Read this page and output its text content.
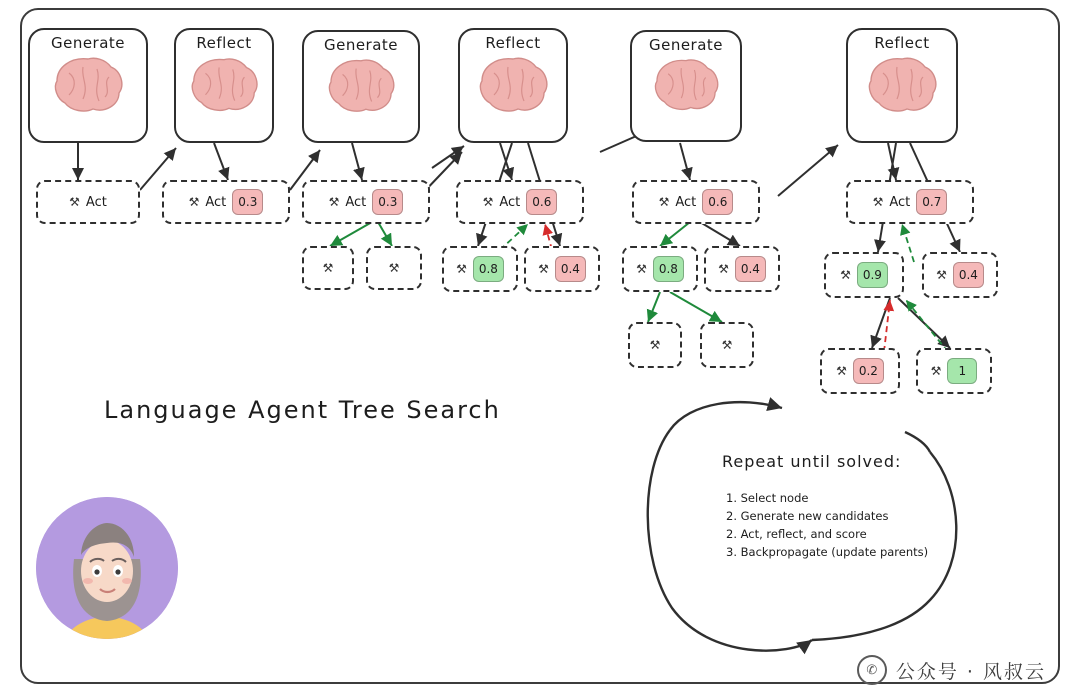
Generate
⚒ Act
Reflect
⚒ Act	0.3
Generate
⚒ Act	0.3
⚒	⚒
Reflect
⚒ Act	0.6
⚒	0.8	⚒	0.4
Generate
⚒ Act	0.6
⚒	0.8	⚒	0.4
⚒	⚒
Reflect
⚒ Act	0.7
⚒	0.9	⚒	0.4
⚒	0.2	⚒	1
Language Agent Tree Search
Repeat until solved:
1. Select node
2. Generate new candidates
2. Act, reflect, and score
3. Backpropagate (update parents)
✆ 公众号 · 风叔云
